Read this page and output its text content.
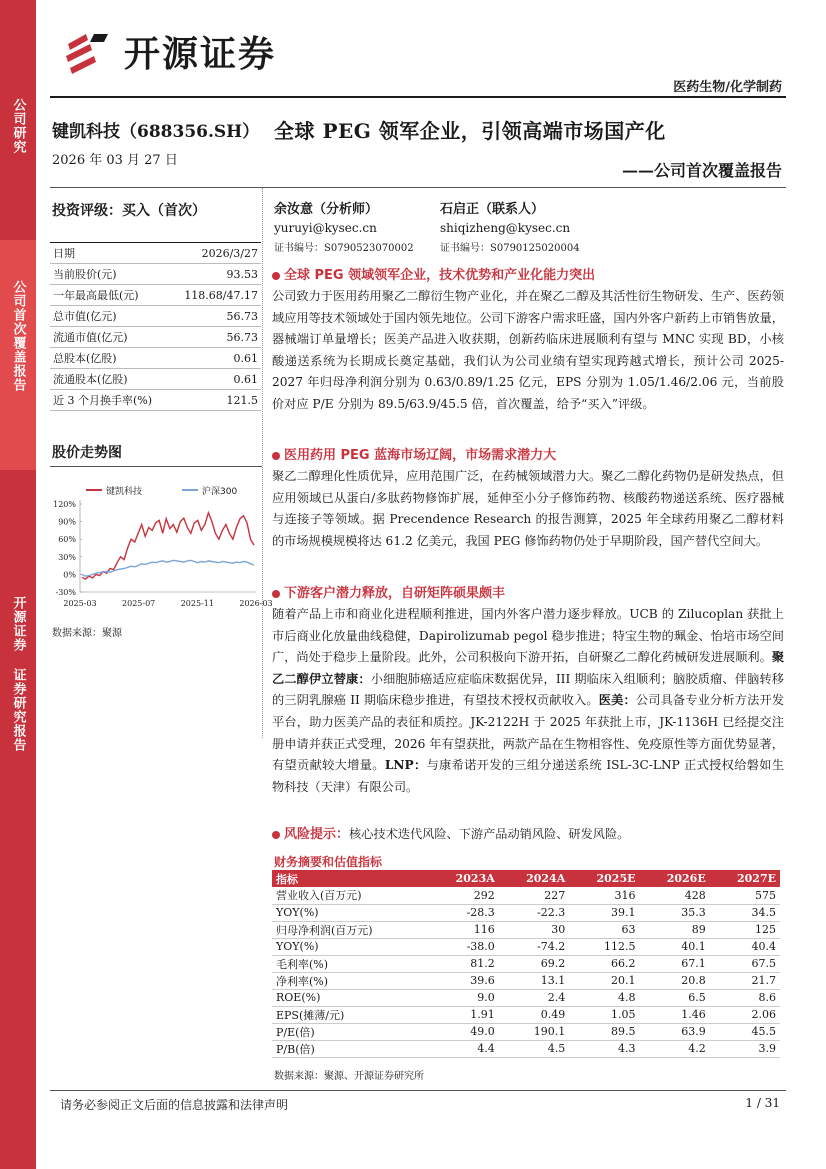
公司研究
公司首次覆盖报告
开源证券 证券研究报告
开源证券
医药生物/化学制药
键凯科技（688356.SH）
2026 年 03 月 27 日
全球 PEG 领军企业，引领高端市场国产化
——公司首次覆盖报告
投资评级：买入（首次）	余汝意（分析师）
yuruyi@kysec.cn
证书编号：S0790523070002
石启正（联系人）
shiqizheng@kysec.cn
证书编号：S0790125020004
日期	2026/3/27
当前股价(元)	93.53
一年最高最低(元)	118.68/47.17
总市值(亿元)	56.73
流通市值(亿元)	56.73
总股本(亿股)	0.61
流通股本(亿股)	0.61
近 3 个月换手率(%)	121.5
股价走势图
键凯科技	沪深300
-30%
0%
30%
60%
90%
120%
2025-03	2025-07	2025-11	2026-03
数据来源：聚源
全球 PEG 领域领军企业，技术优势和产业化能力突出
公司致力于医用药用聚乙二醇衍生物产业化，并在聚乙二醇及其活性衍生物研发、生产、医药领域应用等技术领域处于国内领先地位。公司下游客户需求旺盛，国内外客户新药上市销售放量，器械端订单量增长；医美产品进入收获期，创新药临床进展顺利有望与 MNC 实现 BD，小核酸递送系统为长期成长奠定基础，我们认为公司业绩有望实现跨越式增长，预计公司 2025-2027 年归母净利润分别为 0.63/0.89/1.25 亿元，EPS 分别为 1.05/1.46/2.06 元，当前股价对应 P/E 分别为 89.5/63.9/45.5 倍，首次覆盖，给予“买入”评级。
医用药用 PEG 蓝海市场辽阔，市场需求潜力大
聚乙二醇理化性质优异，应用范围广泛，在药械领域潜力大。聚乙二醇化药物仍是研发热点，但应用领域已从蛋白/多肽药物修饰扩展，延伸至小分子修饰药物、核酸药物递送系统、医疗器械与连接子等领域。据 Precendence Research 的报告测算，2025 年全球药用聚乙二醇材料的市场规模规模将达 61.2 亿美元，我国 PEG 修饰药物仍处于早期阶段，国产替代空间大。
下游客户潜力释放，自研矩阵硕果颇丰
随着产品上市和商业化进程顺利推进，国内外客户潜力逐步释放。UCB 的 Zilucoplan 获批上市后商业化放量曲线稳健，Dapirolizumab pegol 稳步推进；特宝生物的珮金、怡培市场空间广，尚处于稳步上量阶段。此外，公司积极向下游开拓，自研聚乙二醇化药械研发进展顺利。聚乙二醇伊立替康：小细胞肺癌适应症临床数据优异，III 期临床入组顺利；脑胶质瘤、伴脑转移的三阴乳腺癌 II 期临床稳步推进，有望技术授权贡献收入。医美：公司具备专业分析方法开发平台，助力医美产品的表征和质控。JK-2122H 于 2025 年获批上市，JK-1136H 已经提交注册申请并获正式受理，2026 年有望获批，两款产品在生物相容性、免疫原性等方面优势显著，有望贡献较大增量。LNP：与康希诺开发的三组分递送系统 ISL-3C-LNP 正式授权给磐如生物科技（天津）有限公司。
风险提示：核心技术迭代风险、下游产品动销风险、研发风险。
财务摘要和估值指标
指标	2023A	2024A	2025E	2026E	2027E
营业收入(百万元)	292	227	316	428	575
YOY(%)	-28.3	-22.3	39.1	35.3	34.5
归母净利润(百万元)	116	30	63	89	125
YOY(%)	-38.0	-74.2	112.5	40.1	40.4
毛利率(%)	81.2	69.2	66.2	67.1	67.5
净利率(%)	39.6	13.1	20.1	20.8	21.7
ROE(%)	9.0	2.4	4.8	6.5	8.6
EPS(摊薄/元)	1.91	0.49	1.05	1.46	2.06
P/E(倍)	49.0	190.1	89.5	63.9	45.5
P/B(倍)	4.4	4.5	4.3	4.2	3.9
数据来源：聚源、开源证券研究所
请务必参阅正文后面的信息披露和法律声明	1 / 31
